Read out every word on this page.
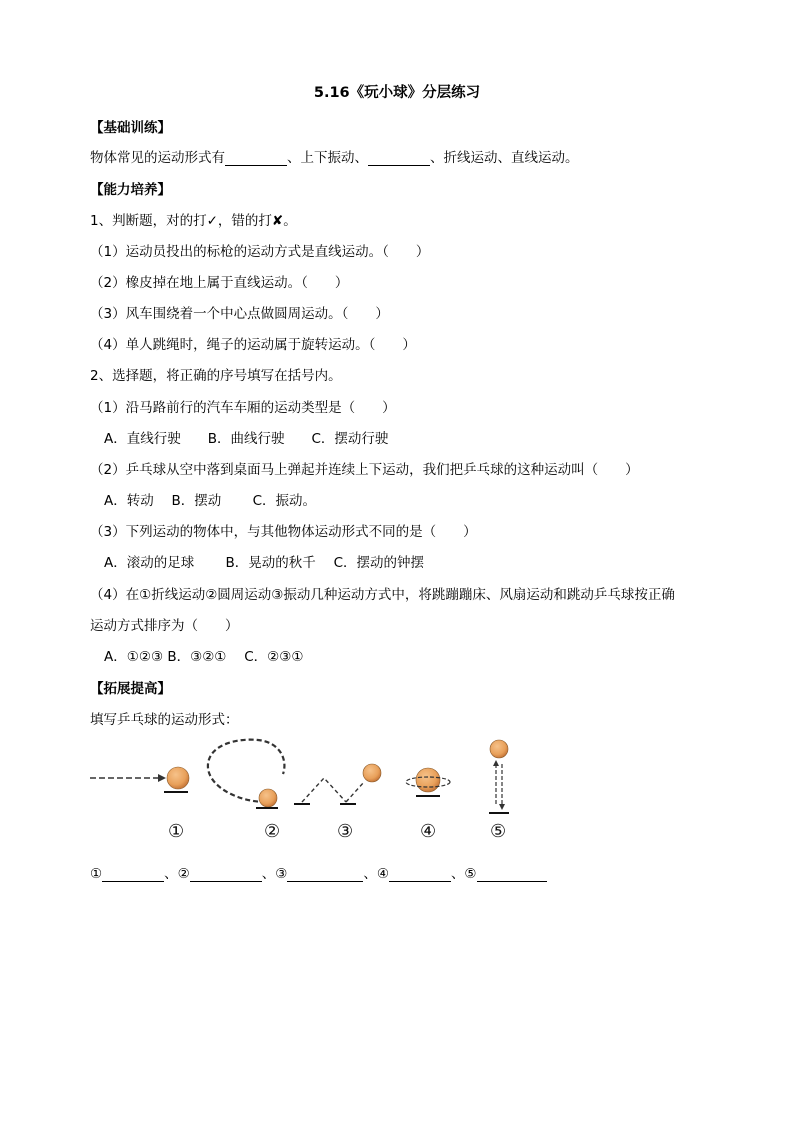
5.16《玩小球》分层练习
【基础训练】
物体常见的运动形式有	、上下振动、	、折线运动、直线运动。
【能力培养】
1、判断题，对的打✓，错的打✘。
（1）运动员投出的标枪的运动方式是直线运动。（　　）
（2）橡皮掉在地上属于直线运动。（　　）
（3）风车围绕着一个中心点做圆周运动。（　　）
（4）单人跳绳时，绳子的运动属于旋转运动。（　　）
2、选择题，将正确的序号填写在括号内。
（1）沿马路前行的汽车车厢的运动类型是（　　）
A．直线行驶　　B．曲线行驶　　C．摆动行驶
（2）乒乓球从空中落到桌面马上弹起并连续上下运动，我们把乒乓球的这种运动叫（　　）
A．转动　 B．摆动　　 C．振动。
（3）下列运动的物体中，与其他物体运动形式不同的是（　　）
A．滚动的足球　　 B．晃动的秋千　 C．摆动的钟摆
（4）在①折线运动②圆周运动③振动几种运动方式中，将跳蹦蹦床、风扇运动和跳动乒乓球按正确
运动方式排序为（　　）
A．①②③ B．③②①　 C．②③①
【拓展提高】
填写乒乓球的运动形式：
①	②	③	④	⑤
①	、②	、③	、④	、⑤
